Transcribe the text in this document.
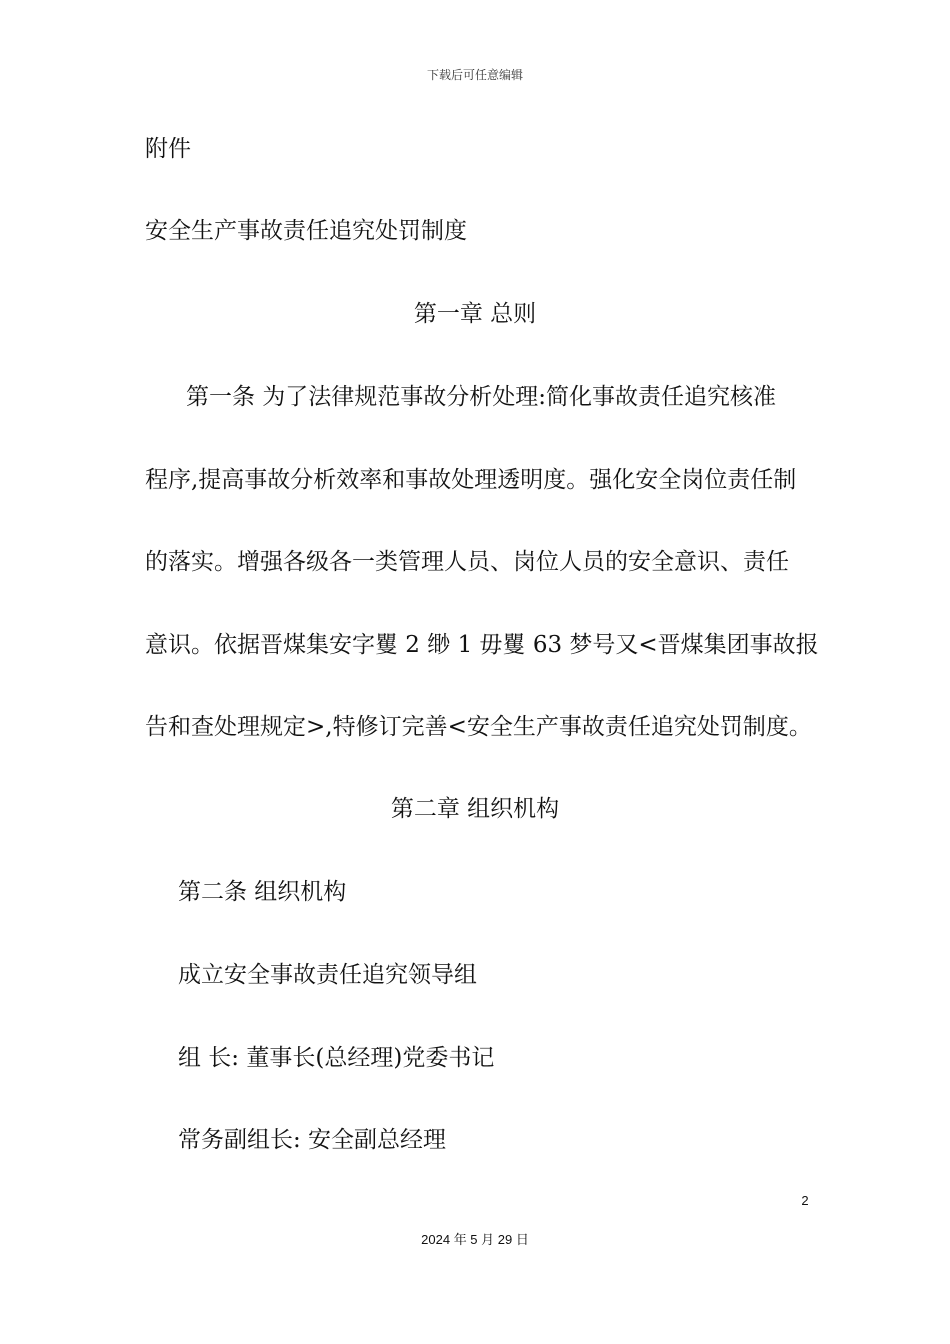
下载后可任意编辑
附件
安全生产事故责任追究处罚制度
第一章 总则
第一条 为了法律规范事故分析处理:简化事故责任追究核准
程序,提高事故分析效率和事故处理透明度。强化安全岗位责任制
的落实。增强各级各一类管理人员、岗位人员的安全意识、责任
意识。依据晋煤集安字矍 2 缈 1 毋矍 63 梦号又<晋煤集团事故报
告和查处理规定>,特修订完善<安全生产事故责任追究处罚制度。
第二章 组织机构
第二条 组织机构
成立安全事故责任追究领导组
组 长: 董事长(总经理)党委书记
常务副组长: 安全副总经理
2
2024 年 5 月 29 日
